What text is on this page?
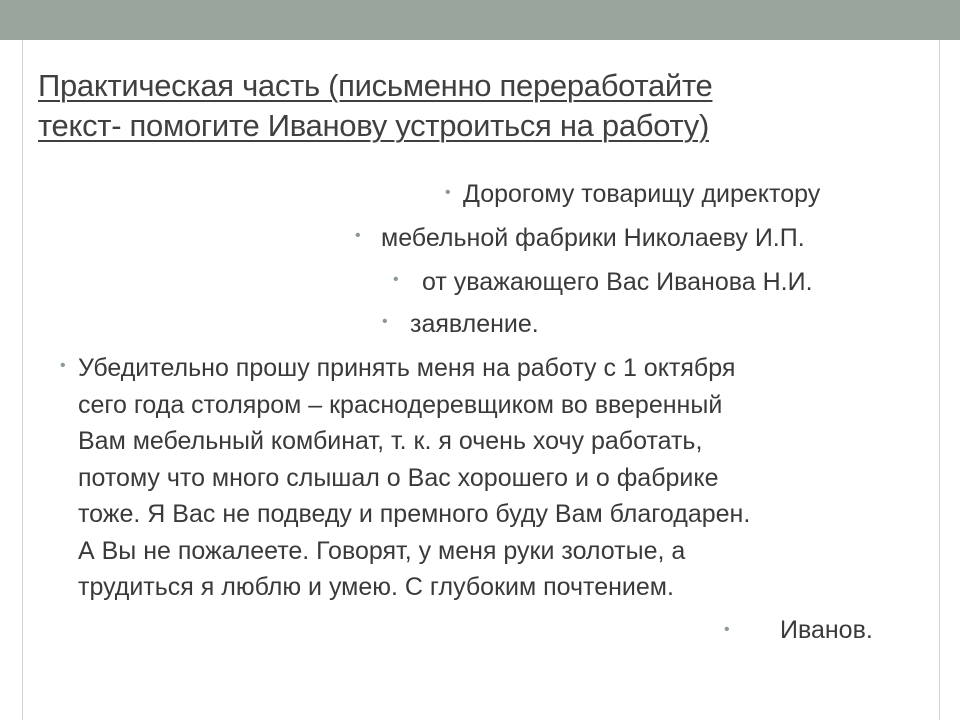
Практическая часть (письменно переработайте
текст- помогите Иванову устроиться на работу)
• Дорогому товарищу директору
• мебельной фабрики Николаеву И.П.
• от уважающего Вас Иванова Н.И.
• заявление.
• Убедительно прошу принять меня на работу с 1 октября
сего года столяром – краснодеревщиком во вверенный
Вам мебельный комбинат, т. к. я очень хочу работать,
потому что много слышал о Вас хорошего и о фабрике
тоже. Я Вас не подведу и премного буду Вам благодарен.
А Вы не пожалеете. Говорят, у меня руки золотые, а
трудиться я люблю и умею. С глубоким почтением.
• Иванов.
